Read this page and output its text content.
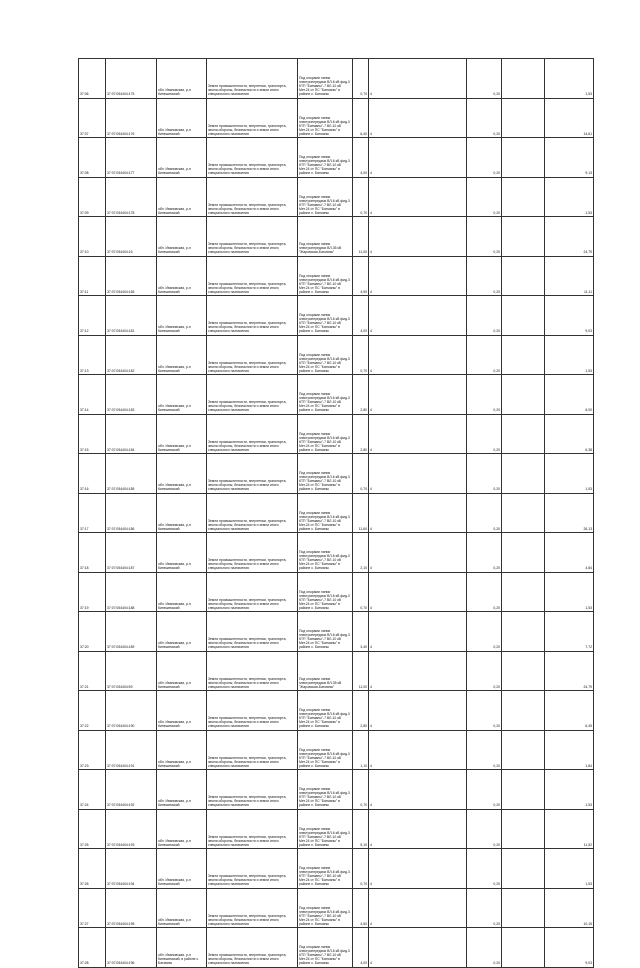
37:06	37:07:054404:175	обл. Ивановская, р-н Кинешемский	Земли промышленности, энергетики, транспорта, земли обороны, безопасности и земли иного специального назначения	Под опорами линии электропередачи ВЛ-6 кВ фид.3 КТП "Батманы"-7 ВЛ-10 кВ Мет.24 от ПС "Батманы" в районе с. Батманы	0,70	4	0,20		1,53
37:07	37:07:054404:176	обл. Ивановская, р-н Кинешемский	Земли промышленности, энергетики, транспорта, земли обороны, безопасности и земли иного специального назначения	Под опорами линии электропередачи ВЛ-6 кВ фид.3 КТП "Батманы"-7 ВЛ-10 кВ Мет.24 от ПС "Батманы" в районе с. Батманы	6,40	4	0,20		14,61
37:08	37:07:054404:177	обл. Ивановская, р-н Кинешемский	Земли промышленности, энергетики, транспорта, земли обороны, безопасности и земли иного специального назначения	Под опорами линии электропередачи ВЛ-6 кВ фид.3 КТП "Батманы"-7 ВЛ-10 кВ Мет.24 от ПС "Батманы" в районе с. Батманы	4,00	4	0,20		9,13
37:09	37:07:054404:178	обл. Ивановская, р-н Кинешемский	Земли промышленности, энергетики, транспорта, земли обороны, безопасности и земли иного специального назначения	Под опорами линии электропередачи ВЛ-6 кВ фид.3 КТП "Батманы"-7 ВЛ-10 кВ Мет.24 от ПС "Батманы" в районе с. Батманы	0,70	4	0,20		1,53
37:10	37:07:054404:16	обл. Ивановская, р-н Кинешемский	Земли промышленности, энергетики, транспорта, земли обороны, безопасности и земли иного специального назначения	Под опорами линии электропередачи ВЛ-35 кВ "Жаровская-Батманы"	11,00	4	0,20		24,79
37:11	37:07:054404:165	обл. Ивановская, р-н Кинешемский	Земли промышленности, энергетики, транспорта, земли обороны, безопасности и земли иного специального назначения	Под опорами линии электропередачи ВЛ-6 кВ фид.3 КТП "Батманы"-7 ВЛ-10 кВ Мет.24 от ПС "Батманы" в районе с. Батманы	4,90	4	0,20		11,11
37:12	37:07:054404:181	обл. Ивановская, р-н Кинешемский	Земли промышленности, энергетики, транспорта, земли обороны, безопасности и земли иного специального назначения	Под опорами линии электропередачи ВЛ-6 кВ фид.3 КТП "Батманы"-7 ВЛ-10 кВ Мет.24 от ПС "Батманы" в районе с. Батманы	4,00	4	0,20		9,03
37:13	37:07:054404:182	обл. Ивановская, р-н Кинешемский	Земли промышленности, энергетики, транспорта, земли обороны, безопасности и земли иного специального назначения	Под опорами линии электропередачи ВЛ-6 кВ фид.3 КТП "Батманы"-7 ВЛ-10 кВ Мет.24 от ПС "Батманы" в районе с. Батманы	0,70	4	0,20		1,53
37:14	37:07:054404:183	обл. Ивановская, р-н Кинешемский	Земли промышленности, энергетики, транспорта, земли обороны, безопасности и земли иного специального назначения	Под опорами линии электропередачи ВЛ-6 кВ фид.3 КТП "Батманы"-7 ВЛ-10 кВ Мет.24 от ПС "Батманы" в районе с. Батманы	2,80	4	0,20		6,00
37:15	37:07:054404:184	обл. Ивановская, р-н Кинешемский	Земли промышленности, энергетики, транспорта, земли обороны, безопасности и земли иного специального назначения	Под опорами линии электропередачи ВЛ-6 кВ фид.3 КТП "Батманы"-7 ВЛ-10 кВ Мет.24 от ПС "Батманы" в районе с. Батманы	2,80	4	0,20		6,38
37:16	37:07:054404:185	обл. Ивановская, р-н Кинешемский	Земли промышленности, энергетики, транспорта, земли обороны, безопасности и земли иного специального назначения	Под опорами линии электропередачи ВЛ-6 кВ фид.3 КТП "Батманы"-7 ВЛ-10 кВ Мет.24 от ПС "Батманы" в районе с. Батманы	0,70	4	0,20		1,53
37:17	37:07:054404:186	обл. Ивановская, р-н Кинешемский	Земли промышленности, энергетики, транспорта, земли обороны, безопасности и земли иного специального назначения	Под опорами линии электропередачи ВЛ-6 кВ фид.3 КТП "Батманы"-7 ВЛ-10 кВ Мет.24 от ПС "Батманы" в районе с. Батманы	11,60	4	0,20		26,13
37:18	37:07:054404:187	обл. Ивановская, р-н Кинешемский	Земли промышленности, энергетики, транспорта, земли обороны, безопасности и земли иного специального назначения	Под опорами линии электропередачи ВЛ-6 кВ фид.3 КТП "Батманы"-7 ВЛ-10 кВ Мет.24 от ПС "Батманы" в районе с. Батманы	2,10	4	0,20		4,84
37:19	37:07:054404:188	обл. Ивановская, р-н Кинешемский	Земли промышленности, энергетики, транспорта, земли обороны, безопасности и земли иного специального назначения	Под опорами линии электропередачи ВЛ-6 кВ фид.3 КТП "Батманы"-7 ВЛ-10 кВ Мет.24 от ПС "Батманы" в районе с. Батманы	0,70	4	0,20		1,53
37:20	37:07:054404:189	обл. Ивановская, р-н Кинешемский	Земли промышленности, энергетики, транспорта, земли обороны, безопасности и земли иного специального назначения	Под опорами линии электропередачи ВЛ-6 кВ фид.3 КТП "Батманы"-7 ВЛ-10 кВ Мет.24 от ПС "Батманы" в районе с. Батманы	3,40	4	0,20		7,72
37:21	37:07:054404:59	обл. Ивановская, р-н Кинешемский	Земли промышленности, энергетики, транспорта, земли обороны, безопасности и земли иного специального назначения	Под опорами линии электропередачи ВЛ-35 кВ "Жаровская-Батманы"	11,00	4	0,20		24,79
37:22	37:07:054404:190	обл. Ивановская, р-н Кинешемский	Земли промышленности, энергетики, транспорта, земли обороны, безопасности и земли иного специального назначения	Под опорами линии электропередачи ВЛ-6 кВ фид.3 КТП "Батманы"-7 ВЛ-10 кВ Мет.24 от ПС "Батманы" в районе с. Батманы	2,80	4	0,20		6,45
37:23	37:07:054404:191	обл. Ивановская, р-н Кинешемский	Земли промышленности, энергетики, транспорта, земли обороны, безопасности и земли иного специального назначения	Под опорами линии электропередачи ВЛ-6 кВ фид.3 КТП "Батманы"-7 ВЛ-10 кВ Мет.24 от ПС "Батманы" в районе с. Батманы	1,10	4	0,20		1,84
37:24	37:07:054404:192	обл. Ивановская, р-н Кинешемский	Земли промышленности, энергетики, транспорта, земли обороны, безопасности и земли иного специального назначения	Под опорами линии электропередачи ВЛ-6 кВ фид.3 КТП "Батманы"-7 ВЛ-10 кВ Мет.24 от ПС "Батманы" в районе с. Батманы	0,70	4	0,20		1,53
37:25	37:07:054404:193	обл. Ивановская, р-н Кинешемский	Земли промышленности, энергетики, транспорта, земли обороны, безопасности и земли иного специального назначения	Под опорами линии электропередачи ВЛ-6 кВ фид.3 КТП "Батманы"-7 ВЛ-10 кВ Мет.24 от ПС "Батманы" в районе с. Батманы	5,10	4	0,20		11,52
37:26	37:07:054404:194	обл. Ивановская, р-н Кинешемский	Земли промышленности, энергетики, транспорта, земли обороны, безопасности и земли иного специального назначения	Под опорами линии электропередачи ВЛ-6 кВ фид.3 КТП "Батманы"-7 ВЛ-10 кВ Мет.24 от ПС "Батманы" в районе с. Батманы	0,70	4	0,20		1,53
37:27	37:07:054404:195	обл. Ивановская, р-н Кинешемский	Земли промышленности, энергетики, транспорта, земли обороны, безопасности и земли иного специального назначения	Под опорами линии электропередачи ВЛ-6 кВ фид.3 КТП "Батманы"-7 ВЛ-10 кВ Мет.24 от ПС "Батманы" в районе с. Батманы	4,50	4	0,20		10,15
37:28	37:07:054404:196	обл. Ивановская, р-н Кинешемский, в районе с. Батманы	Земли промышленности, энергетики, транспорта, земли обороны, безопасности и земли иного специального назначения	Под опорами линии электропередачи ВЛ-6 кВ фид.3 КТП "Батманы"-7 ВЛ-10 кВ Мет.24 от ПС "Батманы" в районе с. Батманы	4,00	4	0,20		9,03
